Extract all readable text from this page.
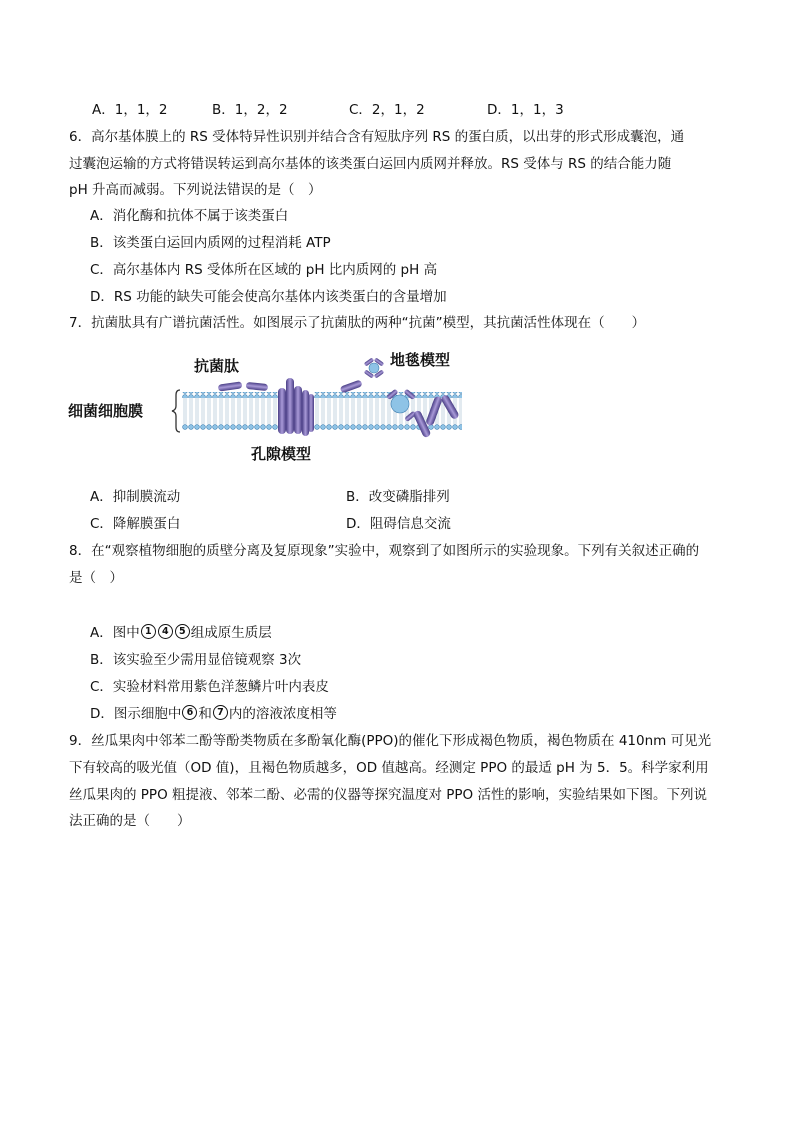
A．1，1，2	B．1，2，2	C．2，1，2	D．1，1，3
6．高尔基体膜上的 RS 受体特异性识别并结合含有短肽序列 RS 的蛋白质，以出芽的形式形成囊泡，通
过囊泡运输的方式将错误转运到高尔基体的该类蛋白运回内质网并释放。RS 受体与 RS 的结合能力随
pH 升高而减弱。下列说法错误的是（　）
A．消化酶和抗体不属于该类蛋白
B．该类蛋白运回内质网的过程消耗 ATP
C．高尔基体内 RS 受体所在区域的 pH 比内质网的 pH 高
D．RS 功能的缺失可能会使高尔基体内该类蛋白的含量增加
7．抗菌肽具有广谱抗菌活性。如图展示了抗菌肽的两种“抗菌”模型，其抗菌活性体现在（　　）
抗菌肽	地毯模型
细菌细胞膜
孔隙模型
A．抑制膜流动	B．改变磷脂排列
C．降解膜蛋白	D．阻碍信息交流
8．在“观察植物细胞的质壁分离及复原现象”实验中，观察到了如图所示的实验现象。下列有关叙述正确的
是（　）
A．图中 1	4	5 组成原生质层
B．该实验至少需用显倍镜观察 3次
C．实验材料常用紫色洋葱鳞片叶内表皮
D．图示细胞中 6 和 7 内的溶液浓度相等
9．丝瓜果肉中邻苯二酚等酚类物质在多酚氧化酶(PPO)的催化下形成褐色物质，褐色物质在 410nm 可见光
下有较高的吸光值（OD 值)，且褐色物质越多，OD 值越高。经测定 PPO 的最适 pH 为 5．5。科学家利用
丝瓜果肉的 PPO 粗提液、邻苯二酚、必需的仪器等探究温度对 PPO 活性的影响，实验结果如下图。下列说
法正确的是（　　）
